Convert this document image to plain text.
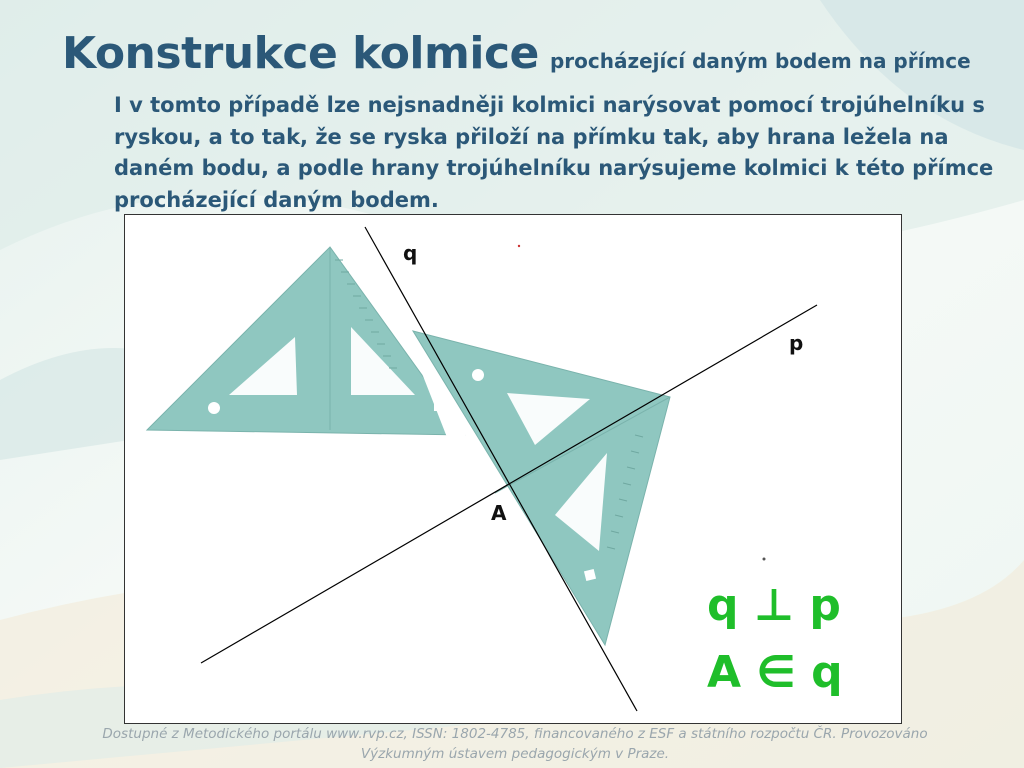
Konstrukce kolmice procházející daným bodem na přímce
I v tomto případě lze nejsnadněji kolmici narýsovat pomocí trojúhelníku s ryskou, a to tak, že se ryska přiloží na přímku tak, aby hrana ležela na daném bodu, a podle hrany trojúhelníku narýsujeme kolmici k této přímce procházející daným bodem.
q
p
A
q ⊥ p
A ∈ q
Dostupné z Metodického portálu www.rvp.cz, ISSN: 1802-4785, financovaného z ESF a státního rozpočtu ČR. Provozováno Výzkumným ústavem pedagogickým v Praze.
